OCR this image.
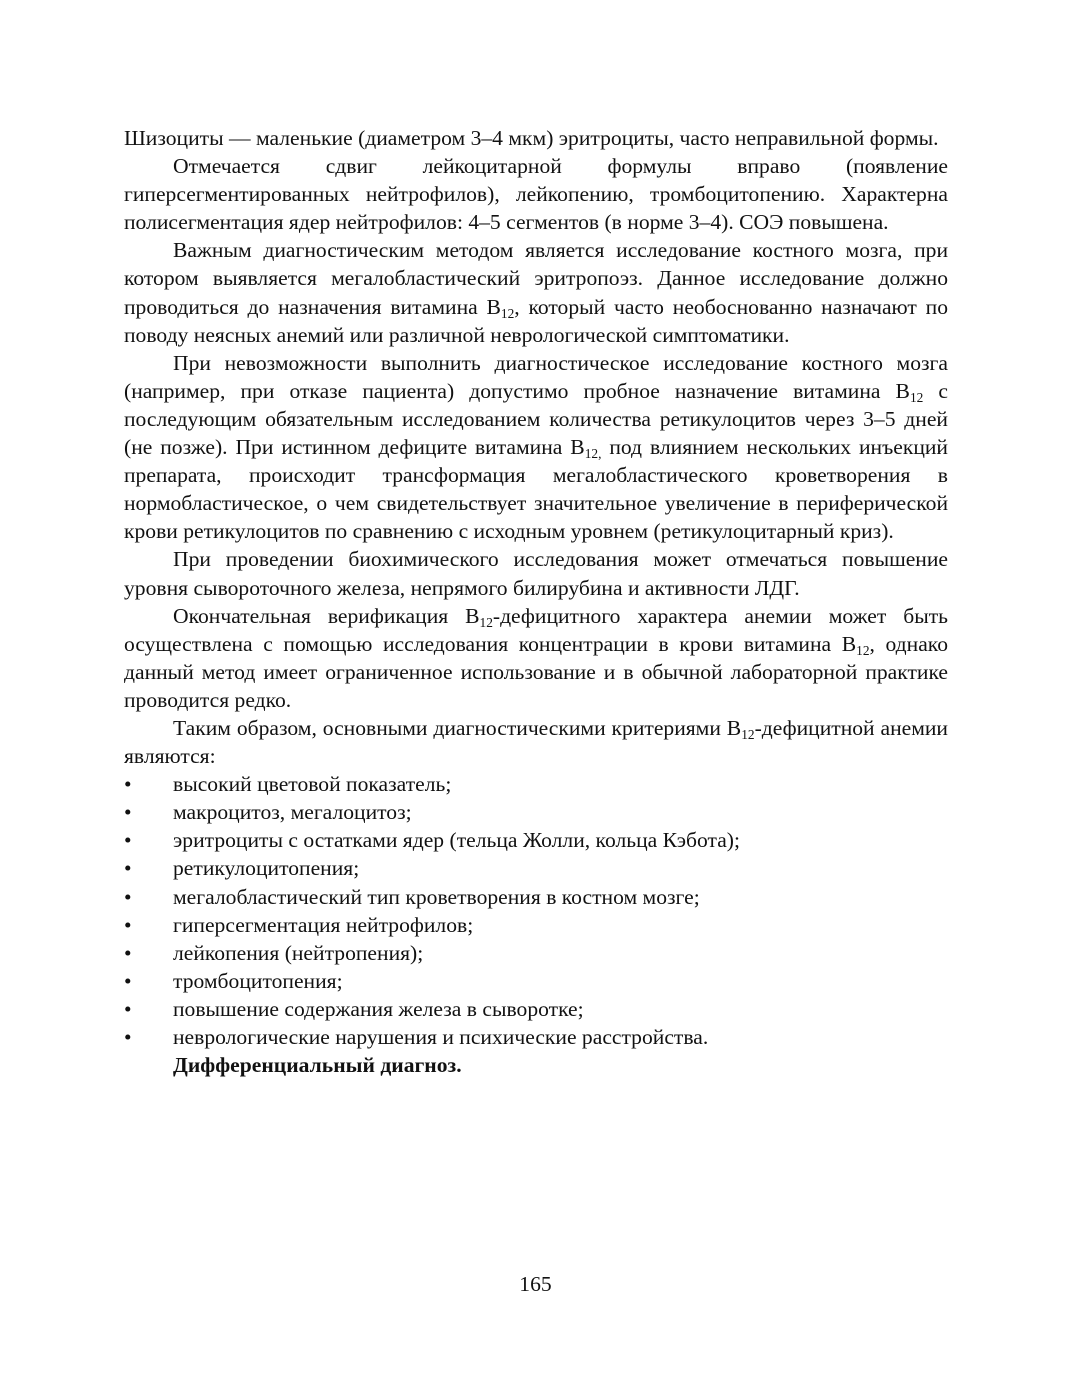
Шизоциты — маленькие (диаметром 3–4 мкм) эритроциты, часто неправильной формы.

Отмечается сдвиг лейкоцитарной формулы вправо (появление гиперсегментированных нейтрофилов), лейкопению, тромбоцитопению. Характерна полисегментация ядер нейтрофилов: 4–5 сегментов (в норме 3–4). СОЭ повышена.

Важным диагностическим методом является исследование костного мозга, при котором выявляется мегалобластический эритропоэз. Данное исследование должно проводиться до назначения витамина $В_{12}$, который часто необоснованно назначают по поводу неясных анемий или различной неврологической симптоматики.

При невозможности выполнить диагностическое исследование костного мозга (например, при отказе пациента) допустимо пробное назначение витамина $В_{12}$ с последующим обязательным исследованием количества ретикулоцитов через 3–5 дней (не позже). При истинном дефиците витамина $В_{12,}$ под влиянием нескольких инъекций препарата, происходит трансформация мегалобластического кроветворения в нормобластическое, о чем свидетельствует значительное увеличение в периферической крови ретикулоцитов по сравнению с исходным уровнем (ретикулоцитарный криз).

При проведении биохимического исследования может отмечаться повышение уровня сывороточного железа, непрямого билирубина и активности ЛДГ.

Окончательная верификация $В_{12}$-дефицитного характера анемии может быть осуществлена с помощью исследования концентрации в крови витамина $В_{12}$, однако данный метод имеет ограниченное использование и в обычной лабораторной практике проводится редко.

Таким образом, основными диагностическими критериями $В_{12}$-дефицитной анемии являются:

• высокий цветовой показатель;
• макроцитоз, мегалоцитоз;
• эритроциты с остатками ядер (тельца Жолли, кольца Кэбота);
• ретикулоцитопения;
• мегалобластический тип кроветворения в костном мозге;
• гиперсегментация нейтрофилов;
• лейкопения (нейтропения);
• тромбоцитопения;
• повышение содержания железа в сыворотке;
• неврологические нарушения и психические расстройства.

Дифференциальный диагноз.

165
